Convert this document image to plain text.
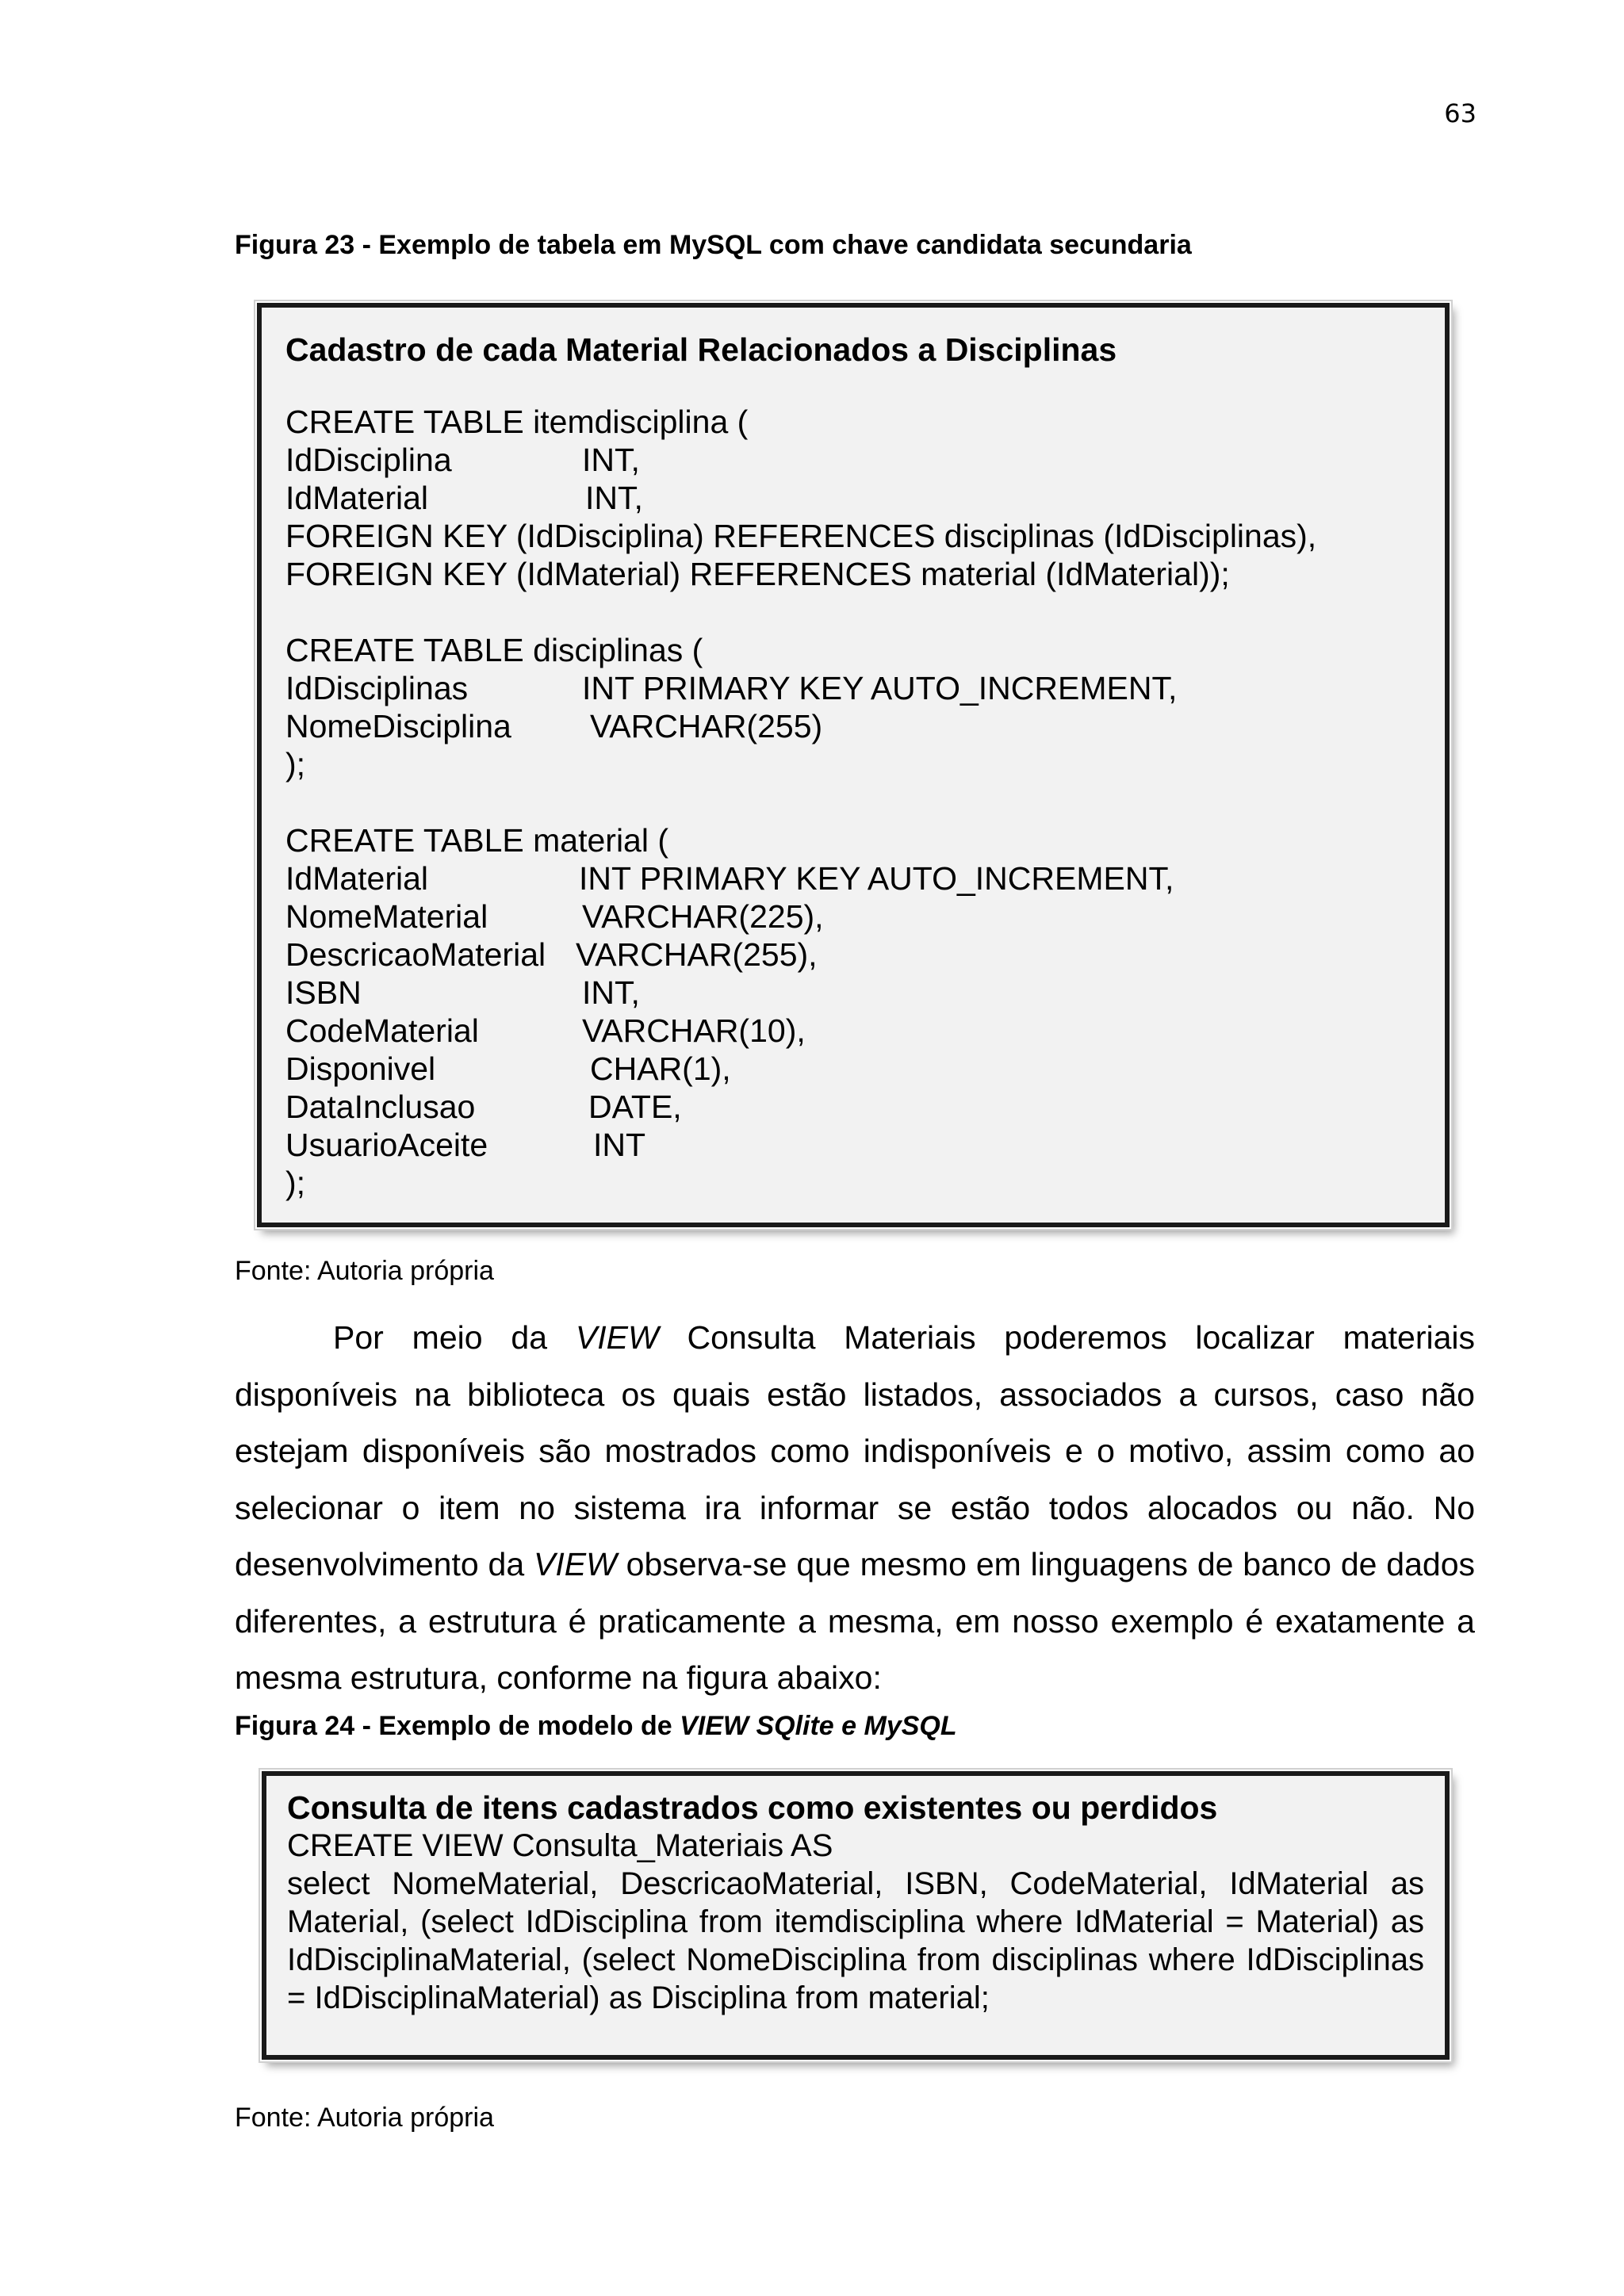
63
Figura 23 - Exemplo de tabela em MySQL com chave candidata secundaria
Cadastro de cada Material Relacionados a Disciplinas
CREATE TABLE itemdisciplina (
IdDisciplina	INT,
IdMaterial	INT,
FOREIGN KEY (IdDisciplina) REFERENCES disciplinas (IdDisciplinas),
FOREIGN KEY (IdMaterial) REFERENCES material (IdMaterial));
CREATE TABLE disciplinas (
IdDisciplinas	INT PRIMARY KEY AUTO_INCREMENT,
NomeDisciplina VARCHAR(255)
);
CREATE TABLE material (
IdMaterial	INT PRIMARY KEY AUTO_INCREMENT,
NomeMaterial	VARCHAR(225),
DescricaoMaterial VARCHAR(255),
ISBN	INT,
CodeMaterial	VARCHAR(10),
Disponivel	CHAR(1),
DataInclusao	DATE,
UsuarioAceite	INT
);
Fonte: Autoria própria

Por meio da VIEW Consulta Materiais poderemos localizar materiais disponíveis na biblioteca os quais estão listados, associados a cursos, caso não estejam disponíveis são mostrados como indisponíveis e o motivo, assim como ao selecionar o item no sistema ira informar se estão todos alocados ou não. No desenvolvimento da VIEW observa-se que mesmo em linguagens de banco de dados diferentes, a estrutura é praticamente a mesma, em nosso exemplo é exatamente a mesma estrutura, conforme na figura abaixo:

Figura 24 - Exemplo de modelo de VIEW SQlite e MySQL
Consulta de itens cadastrados como existentes ou perdidos
CREATE VIEW Consulta_Materiais AS
select NomeMaterial, DescricaoMaterial, ISBN, CodeMaterial, IdMaterial as Material, (select IdDisciplina from itemdisciplina where IdMaterial = Material) as IdDisciplinaMaterial, (select NomeDisciplina from disciplinas where IdDisciplinas = IdDisciplinaMaterial) as Disciplina from material;
Fonte: Autoria própria
